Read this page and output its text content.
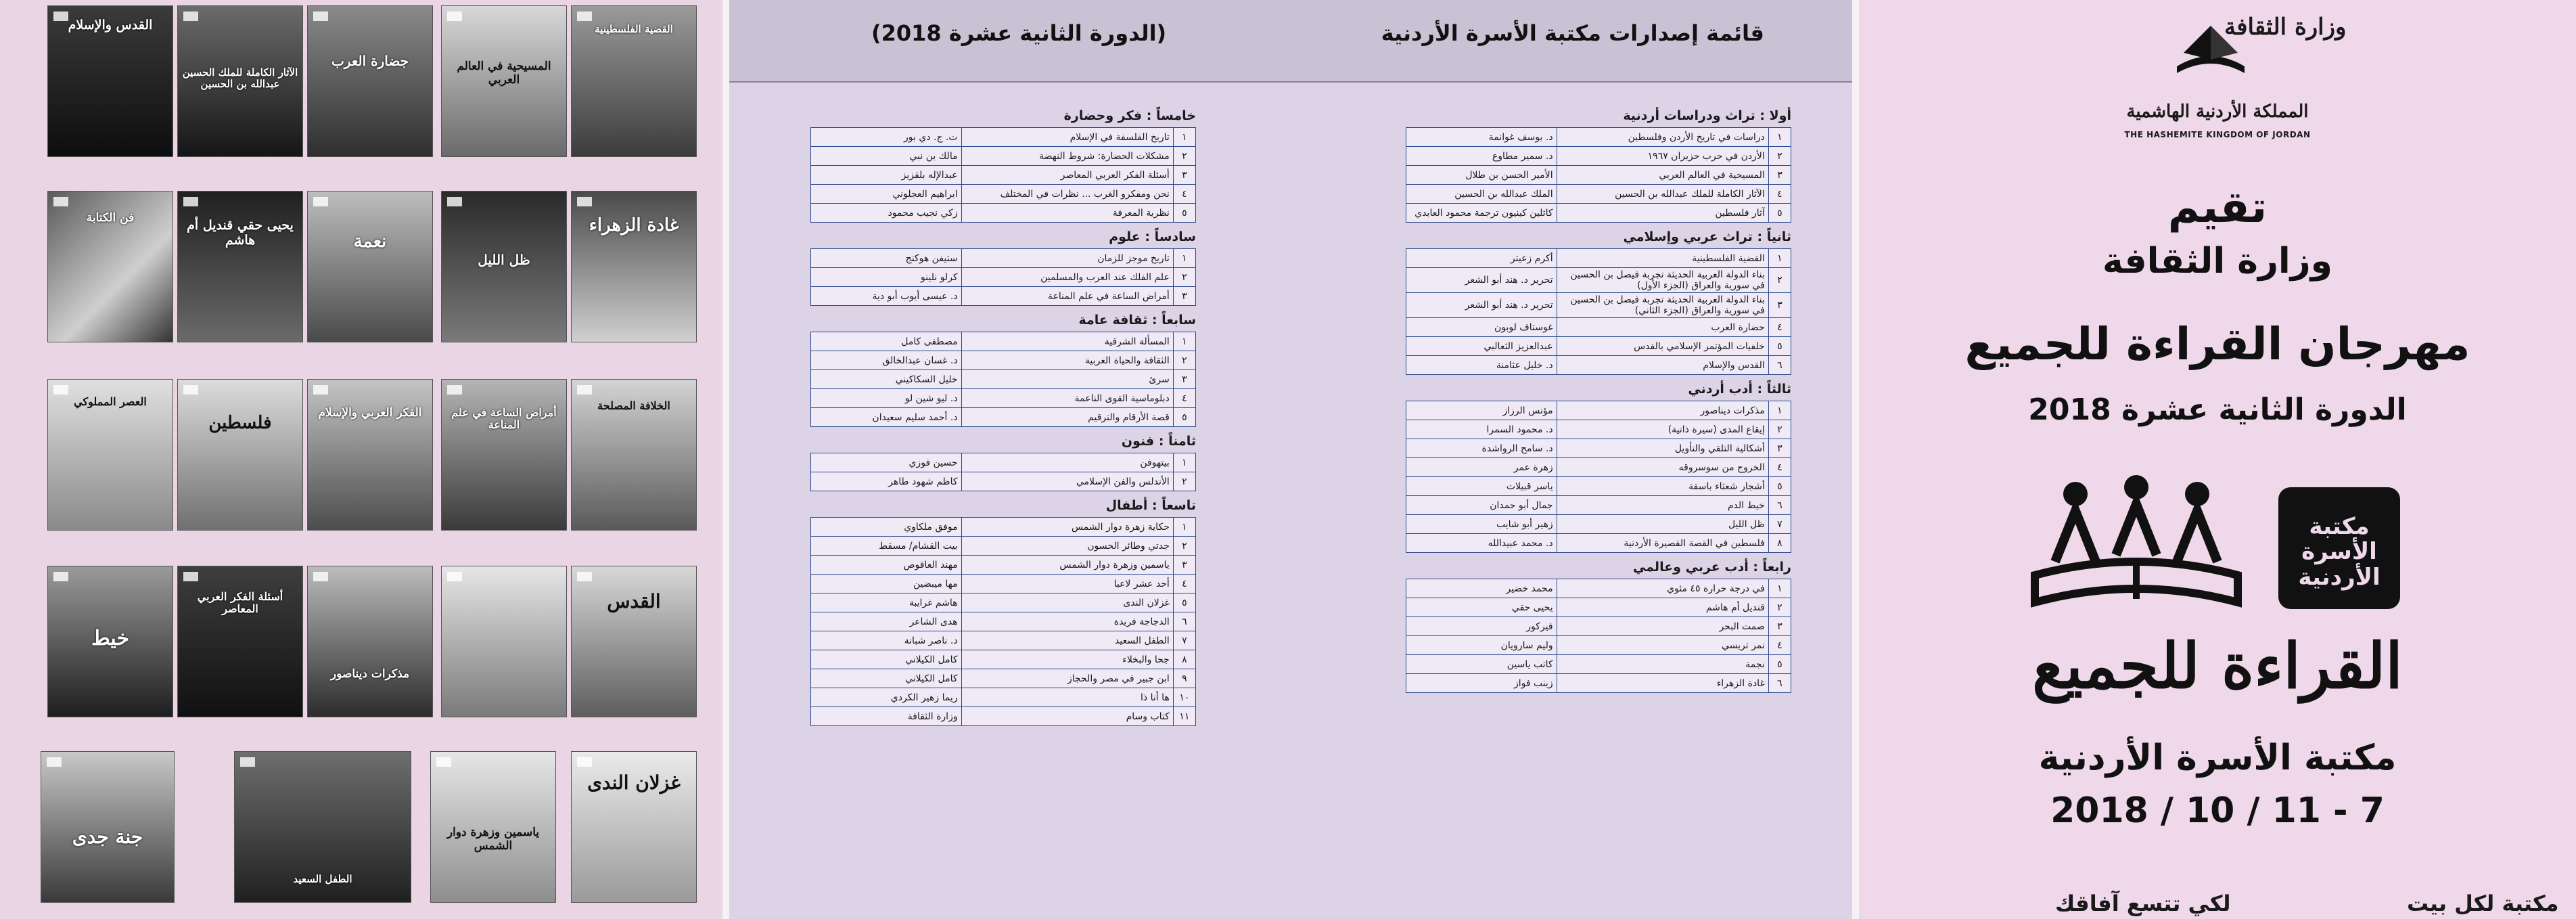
القدس والإسلام
الآثار الكاملة للملك الحسين عبدالله بن الحسين
جضارة العرب	المسيحية في العالم العربي
القضية الفلسطينية
فن الكتابة	يحيى حقي قنديل أم هاشم	نعمة
ظل الليل
غادة الزهراء
العصر المملوكي
فلسطين	الفكر العربي والإسلام	أمراض الساعة في علم المناعة
الخلافة المصلحة
خيط
أسئلة الفكر العربي المعاصر
مذكرات ديناصور
القدس
جنة جدى
الطفل السعيد
ياسمين وزهرة دوار الشمس
غزلان الندى
قائمة إصدارات مكتبة الأسرة الأردنية
(الدورة الثانية عشرة 2018)
أولا : تراث ودراسات أردنية
١	دراسات في تاريخ الأردن وفلسطين	د. يوسف غوانمة
٢	الأردن في حرب حزيران ١٩٦٧	د. سمير مطاوع
٣	المسيحية في العالم العربي	الأمير الحسن بن طلال
٤	الآثار الكاملة للملك عبدالله بن الحسين	الملك عبدالله بن الحسين
٥	آثار فلسطين	كاثلين كينيون ترجمة محمود العابدي
ثانياً : تراث عربي وإسلامي
١	القضية الفلسطينية	أكرم زعيتر
٢	بناء الدولة العربية الحديثة تجربة فيصل بن الحسين في سورية والعراق (الجزء الأول)	تحرير د. هند أبو الشعر
٣	بناء الدولة العربية الحديثة تجربة فيصل بن الحسين في سورية والعراق (الجزء الثاني)	تحرير د. هند أبو الشعر
٤	حضارة العرب	غوستاف لوبون
٥	خلفيات المؤتمر الإسلامي بالقدس	عبدالعزيز الثعالبي
٦	القدس والإسلام	د. خليل عثامنة
ثالثاً : أدب أردني
١	مذكرات ديناصور	مؤنس الرزاز
٢	إيقاع المدى (سيرة ذاتية)	د. محمود السمرا
٣	أشكالية التلقي والتأويل	د. سامح الرواشدة
٤	الخروج من سوسروقه	زهرة عمر
٥	أشجار شعثاء باسقة	ياسر قبيلات
٦	خيط الدم	جمال أبو حمدان
٧	ظل الليل	زهير أبو شايب
٨	فلسطين في القصة القصيرة الأردنية	د. محمد عبيدالله
رابعاً : أدب عربي وعالمي
١	في درجة حرارة ٤٥ مئوي	محمد خضير
٢	قنديل أم هاشم	يحيى حقي
٣	صمت البحر	فيركور
٤	نمر تريسي	وليم سارويان
٥	نجمة	كاتب ياسين
٦	غادة الزهراء	زينب فواز
خامساً : فكر وحضارة
١	تاريخ الفلسفة في الإسلام	ت. ج. دي بور
٢	مشكلات الحضارة: شروط النهضة	مالك بن نبي
٣	أسئلة الفكر العربي المعاصر	عبدالإله بلقزيز
٤	نحن ومفكرو الغرب ... نظرات في المختلف	ابراهيم العجلوني
٥	نظرية المعرفة	زكي نجيب محمود
سادساً : علوم
١	تاريخ موجز للزمان	ستيفن هوكنج
٢	علم الفلك عند العرب والمسلمين	كرلو نلينو
٣	أمراض الساعة في علم المناعة	د. عيسى أيوب أبو دية
سابعاً : ثقافة عامة
١	المسألة الشرقية	مصطفى كامل
٢	الثقافة والحياة العربية	د. غسان عبدالخالق
٣	سرئ	خليل السكاكيني
٤	دبلوماسية القوى الناعمة	د. ليو شين لو
٥	قصة الأرقام والترقيم	د. أحمد سليم سعيدان
ثامناً : فنون
١	بيتهوفن	حسين فوزي
٢	الأندلس والفن الإسلامي	كاظم شهود طاهر
تاسعاً : أطفال
١	حكاية زهرة دوار الشمس	موفق ملكاوي
٢	جدتي وطائر الحسون	بيت القشام/ مسقط
٣	ياسمين وزهرة دوار الشمس	مهند العاقوص
٤	أحد عشر لاعبا	مها ميبضين
٥	غزلان الندى	هاشم غرايبة
٦	الدجاجة فريدة	هدى الشاعر
٧	الطفل السعيد	د. ناصر شبانة
٨	جحا والبخلاء	كامل الكيلاني
٩	ابن جبير في مصر والحجاز	كامل الكيلاني
١٠	ها أنا ذا	ريما زهير الكردي
١١	كتاب وسام	وزارة الثقافة
وزارة الثقافة
المملكة الأردنية الهاشمية
THE HASHEMITE KINGDOM OF JORDAN
تقيم
وزارة الثقافة
مهرجان القراءة للجميع
الدورة الثانية عشرة 2018
مكتبة الأسرة الأردنية
القراءة للجميع
مكتبة الأسرة الأردنية
2018 / 10 / 11 - 7
لكي تتسع آفاقك	مكتبة لكل بيت
